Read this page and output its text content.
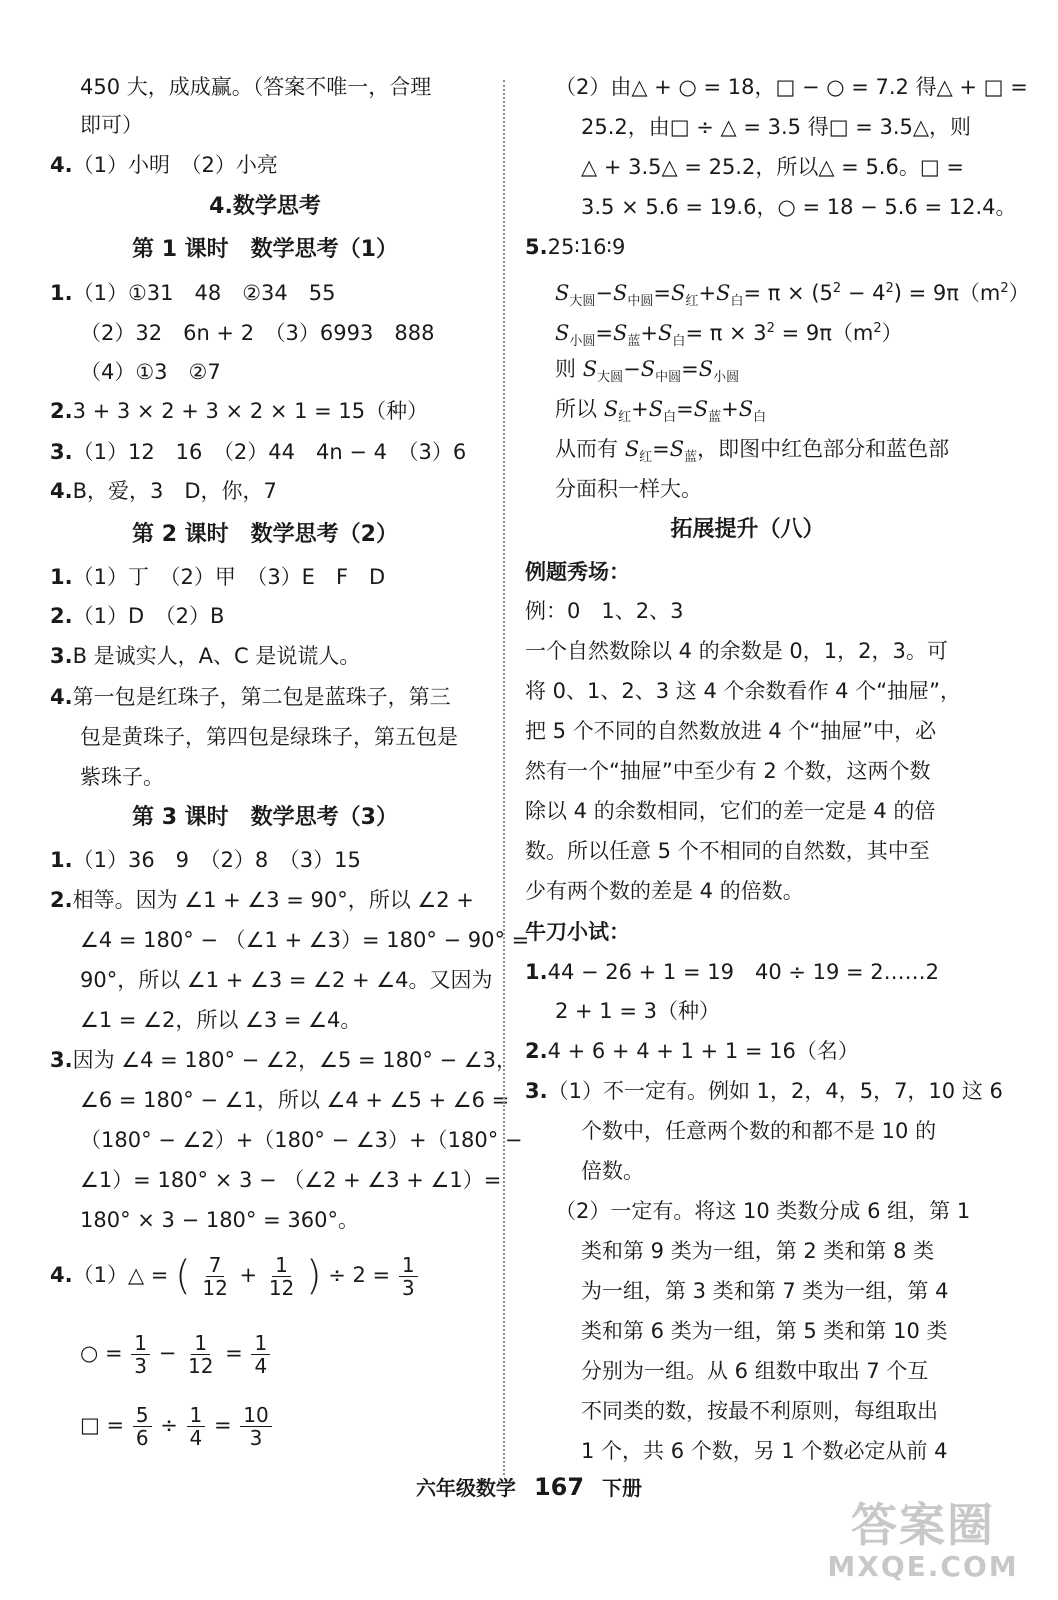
450 大，成成赢。（答案不唯一，合理
即可）
4.（1）小明　（2）小亮
4.数学思考
第 1 课时　数学思考（1）
1.（1）①31　48　②34　55
（2）32　6n + 2　（3）6993　888
（4）①3　②7
2.3 + 3 × 2 + 3 × 2 × 1 = 15（种）
3.（1）12　16　（2）44　4n − 4　（3）6
4.B，爱，3　D，你，7
第 2 课时　数学思考（2）
1.（1）丁　（2）甲　（3）E　F　D
2.（1）D　（2）B
3.B 是诚实人，A、C 是说谎人。
4.第一包是红珠子，第二包是蓝珠子，第三
包是黄珠子，第四包是绿珠子，第五包是
紫珠子。
第 3 课时　数学思考（3）
1.（1）36　9　（2）8　（3）15
2.相等。因为 ∠1 + ∠3 = 90°，所以 ∠2 +
∠4 = 180° − （∠1 + ∠3）= 180° − 90° =
90°，所以 ∠1 + ∠3 = ∠2 + ∠4。又因为
∠1 = ∠2，所以 ∠3 = ∠4。
3.因为 ∠4 = 180° − ∠2，∠5 = 180° − ∠3，
∠6 = 180° − ∠1，所以 ∠4 + ∠5 + ∠6 =
（180° − ∠2）+（180° − ∠3）+（180° −
∠1）= 180° × 3 − （∠2 + ∠3 + ∠1）=
180° × 3 − 180° = 360°。
4.（1）△ = ( $\frac{7}{12} + \frac{1}{12}$ ) ÷ $2 = \frac{1}{3}$
○ = $\frac{1}{3} - \frac{1}{12} = \frac{1}{4}$
□ = $\frac{5}{6} \div \frac{1}{4} = \frac{10}{3}$
（2）由△ + ○ = 18，□ − ○ = 7.2 得△ + □ =
25.2，由□ ÷ △ = 3.5 得□ = 3.5△，则
△ + 3.5△ = 25.2，所以△ = 5.6。□ =
3.5 × 5.6 = 19.6，○ = 18 − 5.6 = 12.4。
5.25∶16∶9
$S_{大圆}-S_{中圆}=S_红+S_白= \pi \times (5^2 - 4^2) = 9\pi(m^2)$
$S_{小圆}=S_蓝+S_白= \pi \times 3^2 = 9\pi(m^2)$
则 $S_{大圆}-S_{中圆}=S_{小圆}$
所以 $S_红+S_白=S_蓝+S_白$
从而有 $S_红=S_蓝$，即图中红色部分和蓝色部
分面积一样大。
拓展提升（八）
例题秀场：
例：0　1、2、3
一个自然数除以 4 的余数是 0，1，2，3。可
将 0、1、2、3 这 4 个余数看作 4 个“抽屉”，
把 5 个不同的自然数放进 4 个“抽屉”中，必
然有一个“抽屉”中至少有 2 个数，这两个数
除以 4 的余数相同，它们的差一定是 4 的倍
数。所以任意 5 个不相同的自然数，其中至
少有两个数的差是 4 的倍数。
牛刀小试：
1.44 − 26 + 1 = 19　40 ÷ 19 = 2……2
2 + 1 = 3（种）
2.4 + 6 + 4 + 1 + 1 = 16（名）
3.（1）不一定有。例如 1，2，4，5，7，10 这 6
个数中，任意两个数的和都不是 10 的
倍数。
（2）一定有。将这 10 类数分成 6 组，第 1
类和第 9 类为一组，第 2 类和第 8 类
为一组，第 3 类和第 7 类为一组，第 4
类和第 6 类为一组，第 5 类和第 10 类
分别为一组。从 6 组数中取出 7 个互
不同类的数，按最不利原则，每组取出
1 个，共 6 个数，另 1 个数必定从前 4
六年级数学 167 下册
答案圈
MXQE.COM
